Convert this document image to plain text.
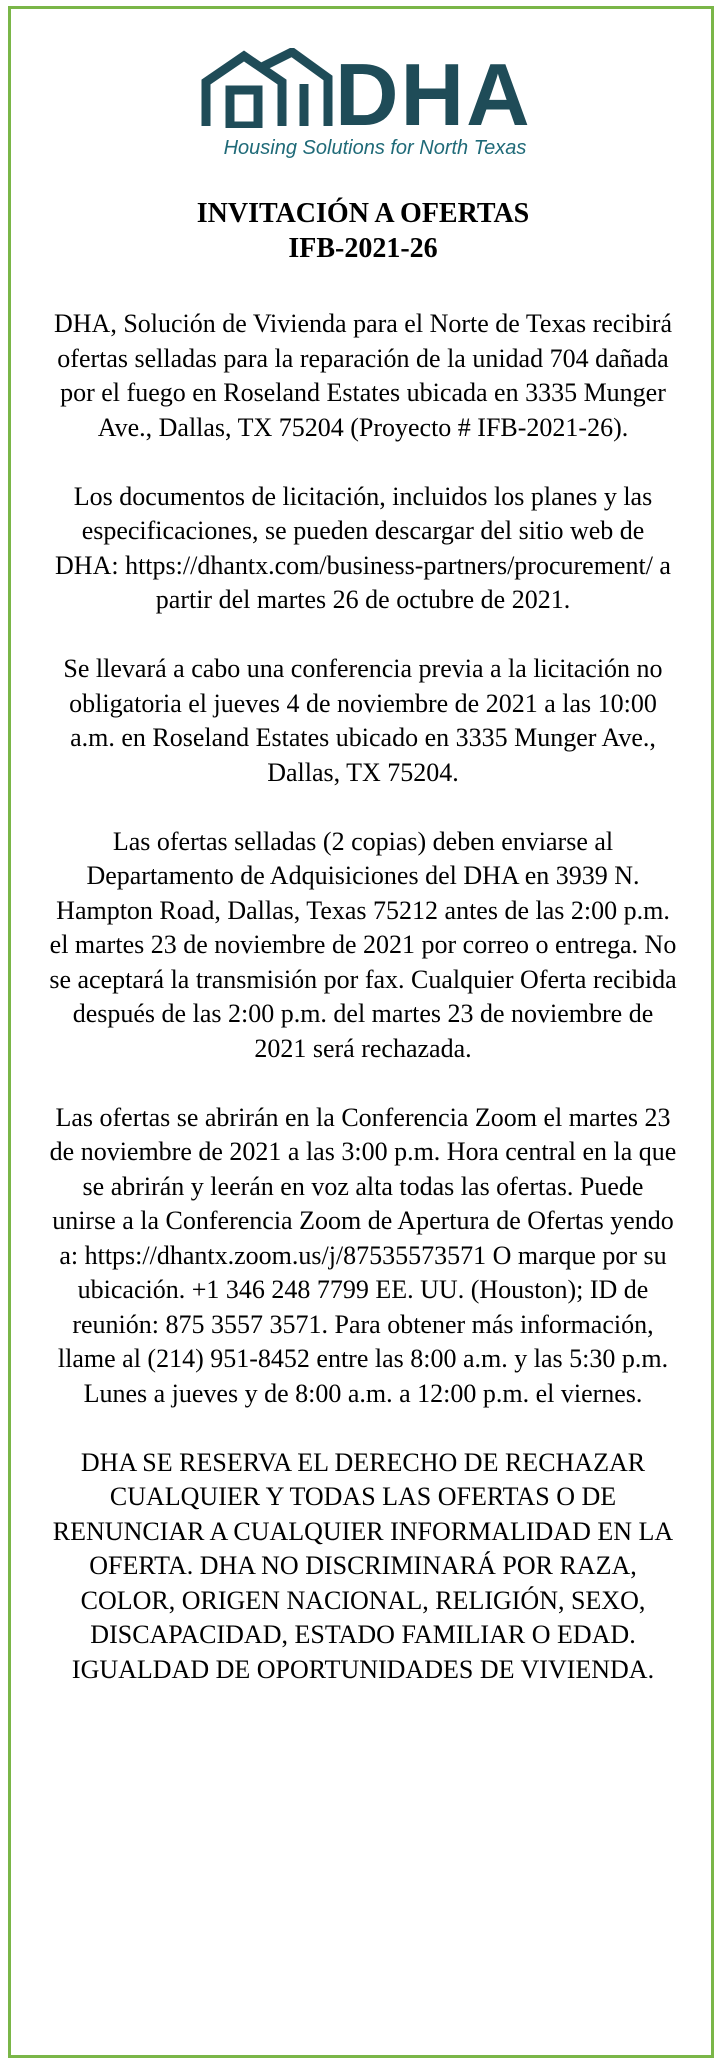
DHA
Housing Solutions for North Texas
INVITACIÓN A OFERTAS
IFB-2021-26

DHA, Solución de Vivienda para el Norte de Texas recibirá ofertas selladas para la reparación de la unidad 704 dañada por el fuego en Roseland Estates ubicada en 3335 Munger Ave., Dallas, TX 75204 (Proyecto # IFB-2021-26).

Los documentos de licitación, incluidos los planes y las especificaciones, se pueden descargar del sitio web de DHA: https://dhantx.com/business-partners/procurement/ a partir del martes 26 de octubre de 2021.

Se llevará a cabo una conferencia previa a la licitación no obligatoria el jueves 4 de noviembre de 2021 a las 10:00 a.m. en Roseland Estates ubicado en 3335 Munger Ave., Dallas, TX 75204.

Las ofertas selladas (2 copias) deben enviarse al Departamento de Adquisiciones del DHA en 3939 N. Hampton Road, Dallas, Texas 75212 antes de las 2:00 p.m. el martes 23 de noviembre de 2021 por correo o entrega. No se aceptará la transmisión por fax. Cualquier Oferta recibida después de las 2:00 p.m. del martes 23 de noviembre de 2021 será rechazada.

Las ofertas se abrirán en la Conferencia Zoom el martes 23 de noviembre de 2021 a las 3:00 p.m. Hora central en la que se abrirán y leerán en voz alta todas las ofertas. Puede unirse a la Conferencia Zoom de Apertura de Ofertas yendo a: https://dhantx.zoom.us/j/87535573571 O marque por su ubicación. +1 346 248 7799 EE. UU. (Houston); ID de reunión: 875 3557 3571. Para obtener más información, llame al (214) 951-8452 entre las 8:00 a.m. y las 5:30 p.m. Lunes a jueves y de 8:00 a.m. a 12:00 p.m. el viernes.

DHA SE RESERVA EL DERECHO DE RECHAZAR CUALQUIER Y TODAS LAS OFERTAS O DE RENUNCIAR A CUALQUIER INFORMALIDAD EN LA OFERTA. DHA NO DISCRIMINARÁ POR RAZA, COLOR, ORIGEN NACIONAL, RELIGIÓN, SEXO, DISCAPACIDAD, ESTADO FAMILIAR O EDAD. IGUALDAD DE OPORTUNIDADES DE VIVIENDA.
